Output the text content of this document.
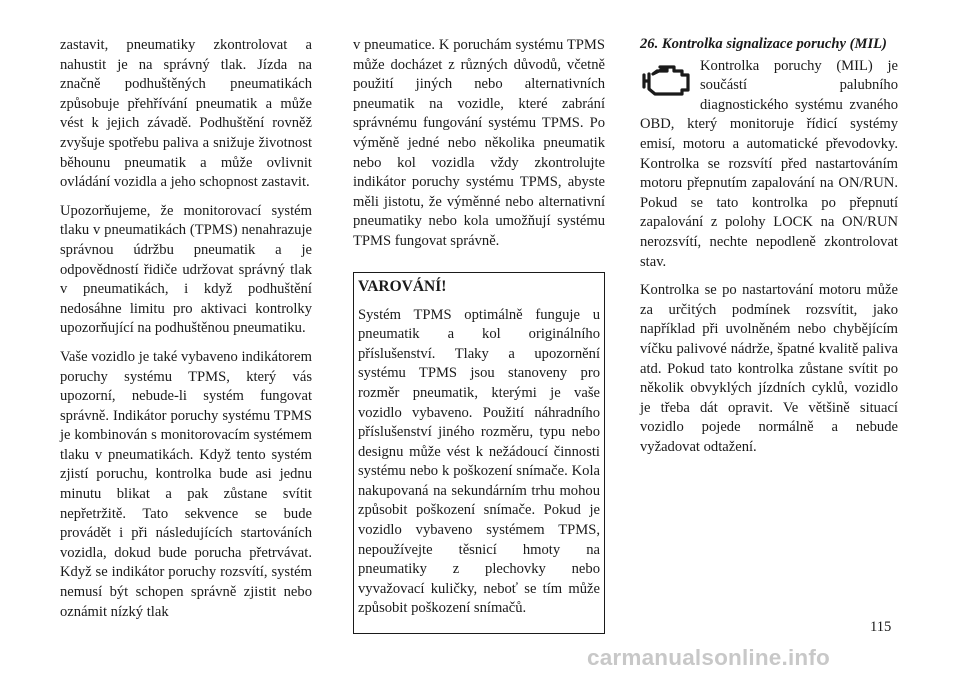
zastavit, pneumatiky zkontrolovat a nahustit je na správný tlak. Jízda na značně podhuštěných pneumatikách způsobuje přehřívání pneumatik a může vést k jejich závadě. Podhuštění rovněž zvyšuje spotřebu paliva a snižuje životnost běhounu pneumatik a může ovlivnit ovládání vozidla a jeho schopnost zastavit.

Upozorňujeme, že monitorovací systém tlaku v pneumatikách (TPMS) nenahrazuje správnou údržbu pneumatik a je odpovědností řidiče udržovat správný tlak v pneumatikách, i když podhuštění nedosáhne limitu pro aktivaci kontrolky upozorňující na podhuštěnou pneumatiku.

Vaše vozidlo je také vybaveno indikátorem poruchy systému TPMS, který vás upozorní, nebude-li systém fungovat správně. Indikátor poruchy systému TPMS je kombinován s monitorovacím systémem tlaku v pneumatikách. Když tento systém zjistí poruchu, kontrolka bude asi jednu minutu blikat a pak zůstane svítit nepřetržitě. Tato sekvence se bude provádět i při následujících startováních vozidla, dokud bude porucha přetrvávat. Když se indikátor poruchy rozsvítí, systém nemusí být schopen správně zjistit nebo oznámit nízký tlak

v pneumatice. K poruchám systému TPMS může docházet z různých důvodů, včetně použití jiných nebo alternativních pneumatik na vozidle, které zabrání správnému fungování systému TPMS. Po výměně jedné nebo několika pneumatik nebo kol vozidla vždy zkontrolujte indikátor poruchy systému TPMS, abyste měli jistotu, že výměnné nebo alternativní pneumatiky nebo kola umožňují systému TPMS fungovat správně.

VAROVÁNÍ!

Systém TPMS optimálně funguje u pneumatik a kol originálního příslušenství. Tlaky a upozornění systému TPMS jsou stanoveny pro rozměr pneumatik, kterými je vaše vozidlo vybaveno. Použití náhradního příslušenství jiného rozměru, typu nebo designu může vést k nežádoucí činnosti systému nebo k poškození snímače. Kola nakupovaná na sekundárním trhu mohou způsobit poškození snímače. Pokud je vozidlo vybaveno systémem TPMS, nepoužívejte těsnicí hmoty na pneumatiky z plechovky nebo vyvažovací kuličky, neboť se tím může způsobit poškození snímačů.

26. Kontrolka signalizace poruchy (MIL)

Kontrolka poruchy (MIL) je součástí palubního diagnostického systému zvaného OBD, který monitoruje řídicí systémy emisí, motoru a automatické převodovky. Kontrolka se rozsvítí před nastartováním motoru přepnutím zapalování na ON/RUN. Pokud se tato kontrolka po přepnutí zapalování z polohy LOCK na ON/RUN nerozsvítí, nechte nepodleně zkontrolovat stav.

Kontrolka se po nastartování motoru může za určitých podmínek rozsvítit, jako například při uvolněném nebo chybějícím víčku palivové nádrže, špatné kvalitě paliva atd. Pokud tato kontrolka zůstane svítit po několik obvyklých jízdních cyklů, vozidlo je třeba dát opravit. Ve většině situací vozidlo pojede normálně a nebude vyžadovat odtažení.

115
carmanualsonline.info
